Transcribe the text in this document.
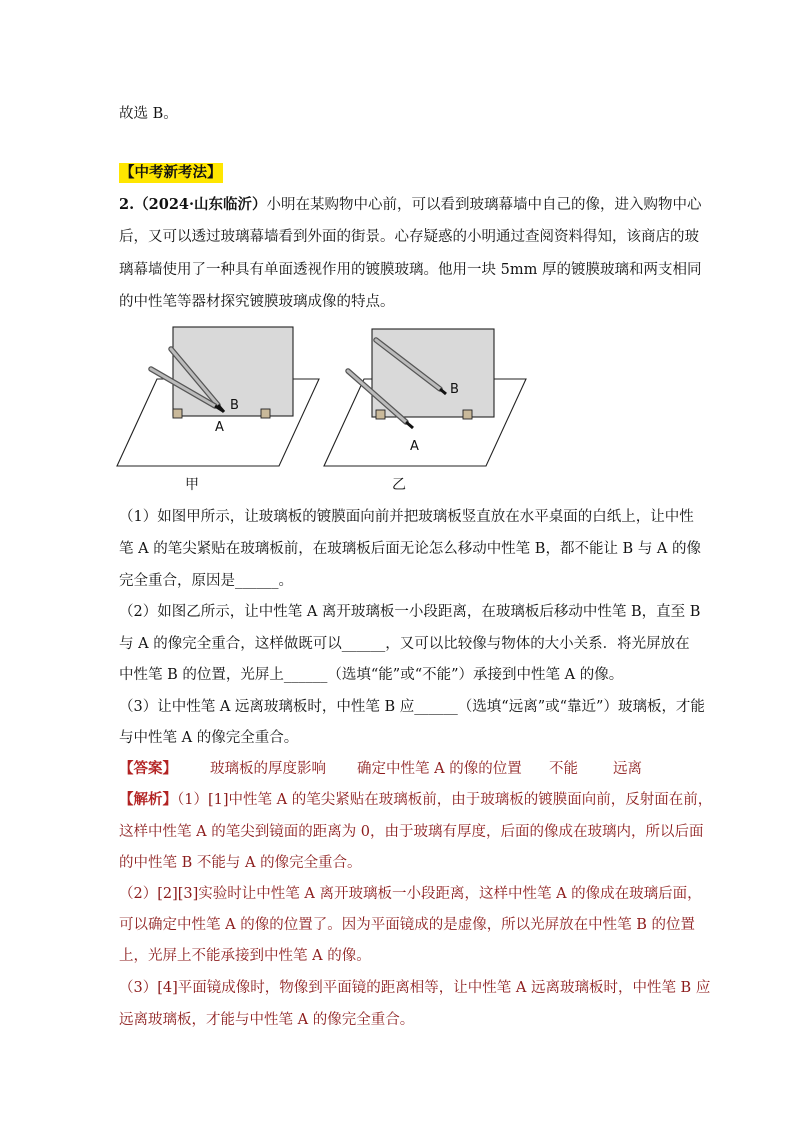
故选 B。
【中考新考法】
2.（2024·山东临沂）小明在某购物中心前，可以看到玻璃幕墙中自己的像，进入购物中心
后，又可以透过玻璃幕墙看到外面的街景。心存疑惑的小明通过查阅资料得知，该商店的玻
璃幕墙使用了一种具有单面透视作用的镀膜玻璃。他用一块 5mm 厚的镀膜玻璃和两支相同
的中性笔等器材探究镀膜玻璃成像的特点。
B
A
甲
B
A
乙
（1）如图甲所示，让玻璃板的镀膜面向前并把玻璃板竖直放在水平桌面的白纸上，让中性
笔 A 的笔尖紧贴在玻璃板前，在玻璃板后面无论怎么移动中性笔 B，都不能让 B 与 A 的像
完全重合，原因是______。
（2）如图乙所示，让中性笔 A 离开玻璃板一小段距离，在玻璃板后移动中性笔 B，直至 B
与 A 的像完全重合，这样做既可以______，又可以比较像与物体的大小关系．将光屏放在
中性笔 B 的位置，光屏上______（选填“能”或“不能”）承接到中性笔 A 的像。
（3）让中性笔 A 远离玻璃板时，中性笔 B 应______（选填“远离”或“靠近”）玻璃板，才能
与中性笔 A 的像完全重合。
【答案】 玻璃板的厚度影响 确定中性笔 A 的像的位置 不能 远离
【解析】（1）[1]中性笔 A 的笔尖紧贴在玻璃板前，由于玻璃板的镀膜面向前，反射面在前，
这样中性笔 A 的笔尖到镜面的距离为 0，由于玻璃有厚度，后面的像成在玻璃内，所以后面
的中性笔 B 不能与 A 的像完全重合。
（2）[2][3]实验时让中性笔 A 离开玻璃板一小段距离，这样中性笔 A 的像成在玻璃后面，
可以确定中性笔 A 的像的位置了。因为平面镜成的是虚像，所以光屏放在中性笔 B 的位置
上，光屏上不能承接到中性笔 A 的像。
（3）[4]平面镜成像时，物像到平面镜的距离相等，让中性笔 A 远离玻璃板时，中性笔 B 应
远离玻璃板，才能与中性笔 A 的像完全重合。
